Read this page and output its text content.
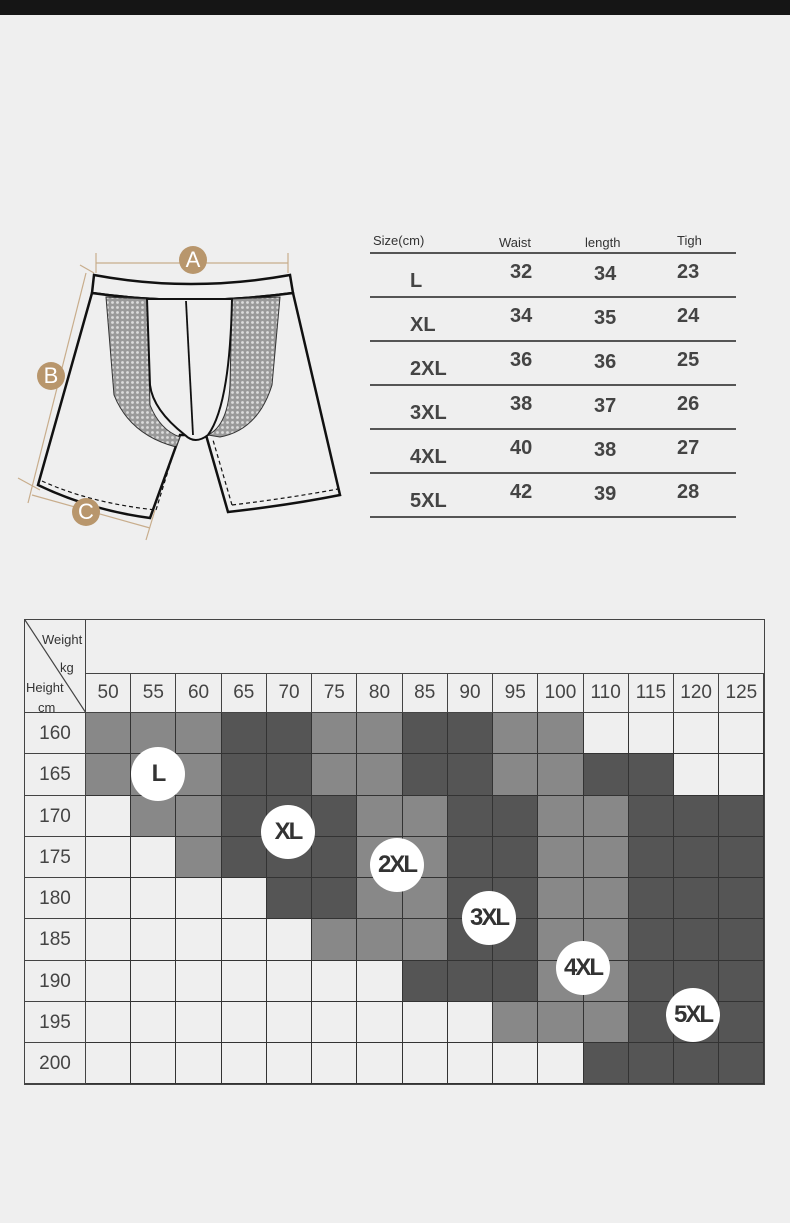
A
B
C
Size(cm)	Waist	length	Tigh
L	32	34	23
XL	34	35	24
2XL	36	36	25
3XL	38	37	26
4XL	40	38	27
5XL	42	39	28
Weight
kg
Height
cm
50	55	60	65	70	75	80	85	90	95 100 110 115 120 125
160
165
170
175
180
185
190
195
200
L
XL
2XL
3XL
4XL
5XL
